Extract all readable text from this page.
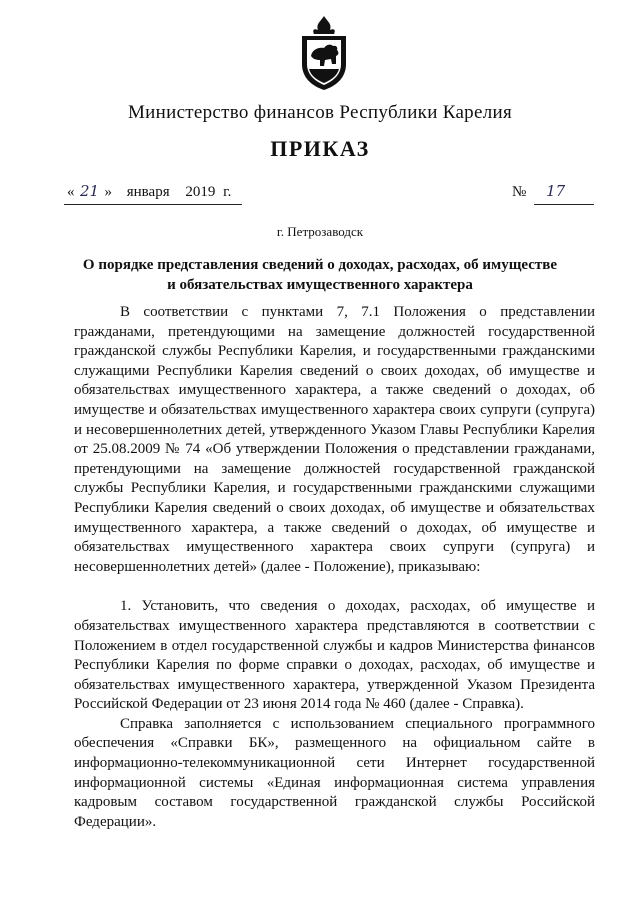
Министерство финансов Республики Карелия
ПРИКАЗ
« 21 » января 2019 г.	№ 17
г. Петрозаводск
О порядке представления сведений о доходах, расходах, об имуществе
и обязательствах имущественного характера

В соответствии с пунктами 7, 7.1 Положения о представлении гражданами, претендующими на замещение должностей государственной гражданской службы Республики Карелия, и государственными гражданскими служащими Республики Карелия сведений о своих доходах, об имуществе и обязательствах имущественного характера, а также сведений о доходах, об имуществе и обязательствах имущественного характера своих супруги (супруга) и несовершеннолетних детей, утвержденного Указом Главы Республики Карелия от 25.08.2009 № 74 «Об утверждении Положения о представлении гражданами, претендующими на замещение должностей государственной гражданской службы Республики Карелия, и государственными гражданскими служащими Республики Карелия сведений о своих доходах, об имуществе и обязательствах имущественного характера, а также сведений о доходах, об имуществе и обязательствах имущественного характера своих супруги (супруга) и несовершеннолетних детей» (далее - Положение), приказываю:

1. Установить, что сведения о доходах, расходах, об имуществе и обязательствах имущественного характера представляются в соответствии с Положением в отдел государственной службы и кадров Министерства финансов Республики Карелия по форме справки о доходах, расходах, об имуществе и обязательствах имущественного характера, утвержденной Указом Президента Российской Федерации от 23 июня 2014 года № 460 (далее - Справка).

Справка заполняется с использованием специального программного обеспечения «Справки БК», размещенного на официальном сайте в информационно-телекоммуникационной сети Интернет государственной информационной системы «Единая информационная система управления кадровым составом государственной гражданской службы Российской Федерации».
